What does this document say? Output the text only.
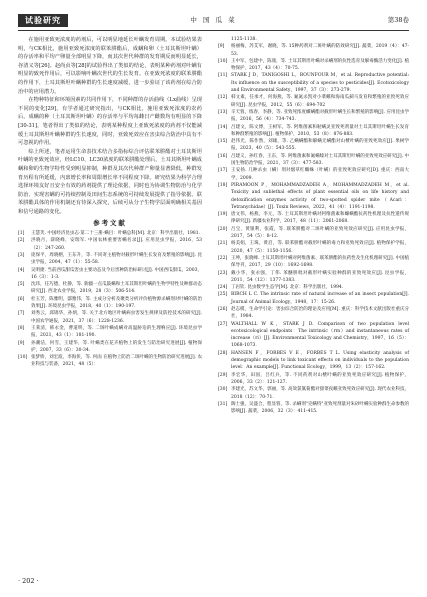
试验研究	中 国 瓜 菜	第38卷

在施用亚致死浓度的药剂后，可以明显地延长叶螨发育周期。本试验结果表明，与CK相比，施用亚致死浓度的联苯肼酯后，成螨和卵（土耳其斯坦叶螨）的存活率和平均产卵量全部明显下降，而其次世代种群的发育期反而明显延长，谷清义等[26]、赵尚贞等[28]的试验得出了类似的结论，表明某种药剂对叶螨有明显的致死作用后，可以影响叶螨次世代的生长发育。在亚致死浓度的联苯肼酯的作用下，土耳其斯坦叶螨种群的生长速度减缓，进一步验证了该药剂在综合防治中的应用潜力。

在物种特征和环境因素的共同作用下，不同种群的存活曲线（Lx曲线）呈现不同的变化[29]。有学者通过研究指出，与CK相比，施用亚致死浓度的农药后，成螨的种（土耳其斯坦叶螨）的存活率与平均每雌日产雌数均有明显的下降[30-31]，笔者得出了类似的结论，表明某种程度上亚致死浓度的药剂不仅能减缓土耳其斯坦叶螨种群的生长速度，同时，亚致死效应在害虫综合防治中具有不可忽视的作用。

综上所述，笔者运用生命表技术结合多指标综合评估联苯肼酯对土耳其斯坦叶螨的亚致死效应，经LC10、LC30浓度的联苯肼酯处理后，土耳其斯坦叶螨成螨和卵的生物学特性受到明显抑制，种群及其次代种群产卵量显著降低，种群发育历程有所延缓，内禀增长率和周限增长率不同程度下降。研究结果为科学合理选择环境友好且安全有效的药剂提供了理论依据，同时也为协调生物防治与化学防治、实现害螨的可持续控制及田间生态系统的可持续发展提供了指导依据。联苯肼酯具体的作用机制还有待深入探究，后续可从分子生物学层面明确相关基因和信号通路的变化。

参考文献
[1]	王慧芙. 中国经济昆虫志·第二十三册·螨目：叶螨总科[M]. 北京：科学出版社，1981.
[2]	洪晓月，薛晓峰，安瑞军. 中国农林重要害螨名录[J]. 应用昆虫学报，2016，53（2）：247-260.
[3]	庞保平，周晓榕，王东升，等. 不同寄主植物对截形叶螨生长发育及繁殖的影响[J]. 昆虫学报，2004，47（1）：55-58.
[4]	吴明捷. 当前西瓜甜瓜害虫主要动态及今后害种防治标研讨[J]. 中国西瓜甜瓜，2003，16（3）：1-3.
[5]	沈玮，任巧德，杜静，等. 新疆一点瓜鼓螨和土耳其斯坦叶螨的生物学特性及种群动态研究[J]. 西北农业学报，2019，28（3）：506-514.
[6]	杜玉芳，陈雅明，邸雅伟，等. 主成分分析及聚类分析评价植物源杀螨剂对叶螨的防治效果[J]. 环境昆虫学报，2018，40（1）：190-197.
[7]	刘秀云，邱锦华，孙炳，等. 关于北方地区叶螨病虫害发生规律及防控技术的研究[J]. 中国农学通报，2021，37（6）：1228-1236.
[8]	王莱清，韩永金，曹道明，等. 二斑叶螨成螨对高温胁迫的生理响应[J]. 环境昆虫学报，2021，43（1）：181-190.
[9]	孙潮洁，何雪，王建华，等. 叶螨类在花卉植物上的发生与防治研究进展[J]. 植物保护，2007，33（6）：30-34.
[10] 张梦娇，刘宏波，李海侠，等. 何雨 在植物上防治二斑叶螨的生物防治研究进展[J]. 农业科技与装备，2021，48（5）：
1125-1138.
[9]	杨丽梅，苏艾军，谢晓，等. 15种药剂对二斑叶螨的防效研究[J]. 蔬菜，2019（4）：47-53.
[10] 王中军，包建中，陈康，等. 土耳其斯坦叶螨对杀螨剂的抗性选育及解毒酶活力变化[J]. 植物保护，2017，43（4）：70-75.
[11] STARK J D，TANIGOSHI L，BOUNFOUR M，et al. Reproductive potential: Its influence on the susceptibility of a species to pesticides[J]. Ecotoxicology and Environmental Safety，1997，37（3）：273-279.
[12] 韩文素，任承才，何海燕，等. 氟氮杀凯对小菜蛾和海南瓜蓟马发育和繁殖的亚致死效应研究[J]. 昆虫学报，2012，55（6）：694-702
[13] 辛天蓉，练春，李静，等. 亚致死浓度螺螨酯对截形叶螨生长和繁殖的影响[J]. 应用昆虫学报，2016，56（4）：734-743.
[14] 吕建文，陈文博，王树军，等. 阿维菌素和哒螨灵亚致死剂量对土耳其斯坦叶螨生长发育和种群繁殖的影响[J]. 植物保护，2010，53（8）：876-883.
[15] 赵伟光，陈作然，刘雄，等. 乙螨螨酯和解螨无螨酯对山楂叶螨的亚致死效应[J]. 果树学报，2023，40（5）：543-555.
[16] 吕建义，孙红春，王东，等. 阿维菌素和氟螨嗪对土耳其斯坦叶螨的亚致死效应研究[J]. 中国生物防治学报，2021，37（3）：477-583.
[17] 王安扬. 几种杀虫（螨）剂对烟草红蜘蛛（叶螨）的亚致死效应研究[D]. 重庆：西南大学，2009.
[18] PIRAMOON P，MOHAMMADZADEH A，MOHAMMADZADEH M，et al. Toxicity and sublethal effects of plant essential oils on life history and detoxification enzymes activity of two-spotted spider mite（Acari：Tetranychidae）[J]. Toxin Reviews，2022，41（4）：1191-1198.
[19] 唐文伟，杨燕，李元，等. 土耳其斯坦叶螨对阿维菌素和螺螨酯抗药性机理及抗性遗传规律研究[J]. 新疆农业科学，2017，48（11）：2061-2068.
[20] 吕宝，黄银利，张霞，等. 联苯肼酯对二斑叶螨的亚致死效应研究[J]. 应用昆虫学报，2017，54（5）：8-12.
[21] 杨美娟，王珠，黄启，等. 联苯肼酯对截形叶螨的毒力和亚致死效应[J]. 植物保护学报，2020，47（5）：1150-1156.
[22] 王坤，张晓峰. 土耳其斯坦叶螨对阿维菌素、联苯肼酯的抗药性及生化机理研究[J]. 中国植保导刊，2017，29（10）：1692-1698.
[23] 戴小华，张永强，丁伟. 苯醚肼吡对截形叶螨实验种群的亚致死效应[J]. 昆虫学报，2011，54（12）：1377-1383.
[24] 丁岩钦. 昆虫数学生态学[M]. 北京：科学出版社，1994.
[25] BIRCH L C. The intrinsic rate of natural increase of an insect population[J]. Journal of Animal Ecology，1948，17：15-26.
[26] 赵志模，生命学引论：害虫综合防治的理论及应用[M]. 重庆：科学技术文献出版社重庆分社，1984.
[27] WALTHALL W K，STARK J D. Comparison of two population level ecotoxicological endpoints：The intrinsic（rm）and instantaneous rates of increase（ri）[J]. Environmental Toxicology and Chemistry，1997，16（5）：1068-1073.
[28] HANSEN F，FORBES V E，FORBES T L. Using elasticity analysis of demographic models to link toxicant effects on individuals to the population level：An example[J]. Functional Ecology，1999，13（2）：157-162.
[29] 李宏华，田国，吕红兵，等. 不同药剂对山楂叶螨的亚致死效应研究[J]. 植物保护，2006，33（2）：121-127.
[30] 李建光，苏文华，郭丽，等. 高效氯氰菊酯对甜菜夜蛾亚致死效应研究[J]. 现代农业科技，2018（12）：70-71.
[31] 陶士强，吴盛合，程显蓉，等. 杀螨剂"克螨特"亚致死剂量对朱砂叶螨实验种群生命参数的影响[J]. 蔬菜，2006，32（3）：411-415.
· 202 ·
